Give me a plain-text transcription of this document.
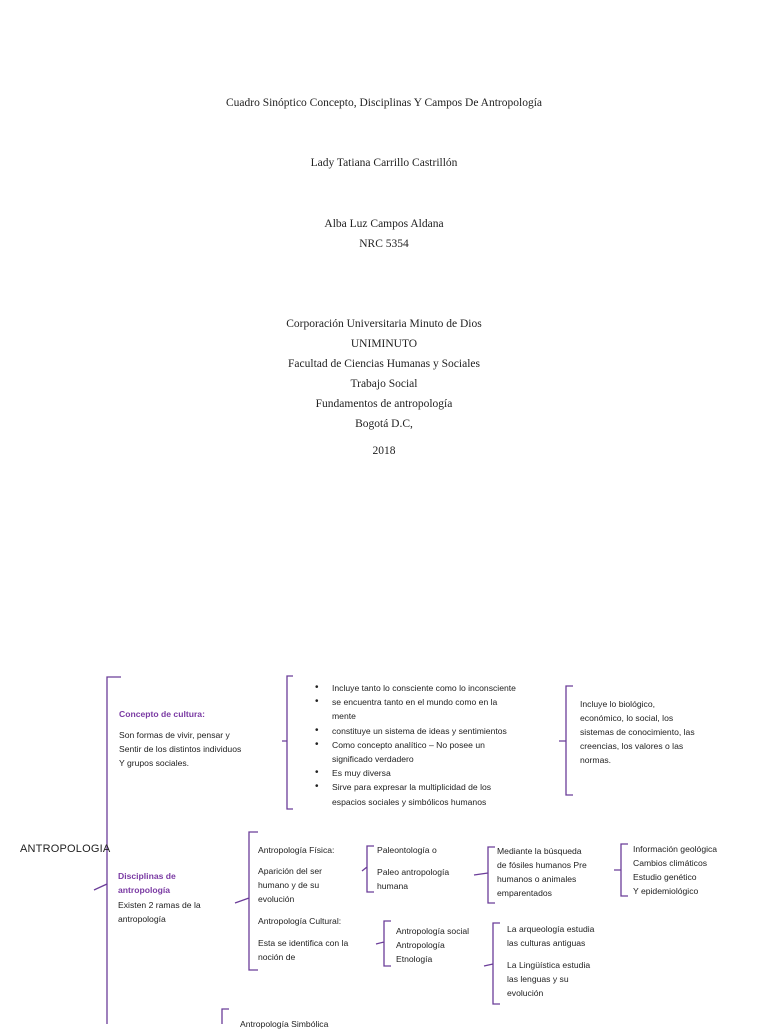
Cuadro Sinóptico Concepto, Disciplinas Y Campos De Antropología
Lady Tatiana Carrillo Castrillón
Alba Luz Campos Aldana
NRC 5354
Corporación Universitaria Minuto de Dios
UNIMINUTO
Facultad de Ciencias Humanas y Sociales
Trabajo Social
Fundamentos de antropología
Bogotá D.C,
2018
ANTROPOLOGIA
Concepto de cultura:
Son formas de vivir, pensar y
Sentir de los distintos individuos
Y grupos sociales.
• Incluye tanto lo consciente como lo inconsciente
• se encuentra tanto en el mundo como en la
mente
• constituye un sistema de ideas y sentimientos
• Como concepto analítico – No posee un
significado verdadero
• Es muy diversa
• Sirve para expresar la multiplicidad de los
espacios sociales y simbólicos humanos
Incluye lo biológico,
económico, lo social, los
sistemas de conocimiento, las
creencias, los valores o las
normas.
Disciplinas de
antropología
Existen 2 ramas de la
antropología
Antropología Física:
Aparición del ser
humano y de su
evolución
Paleontología o
Paleo antropología
humana
Mediante la búsqueda
de fósiles humanos Pre
humanos o animales
emparentados
Información geológica
Cambios climáticos
Estudio genético
Y epidemiológico
Antropología Cultural:
Esta se identifica con la
noción de
Antropología social
Antropología
Etnología
La arqueología estudia
las culturas antiguas
La Lingüística estudia
las lenguas y su
evolución
Antropología Simbólica
